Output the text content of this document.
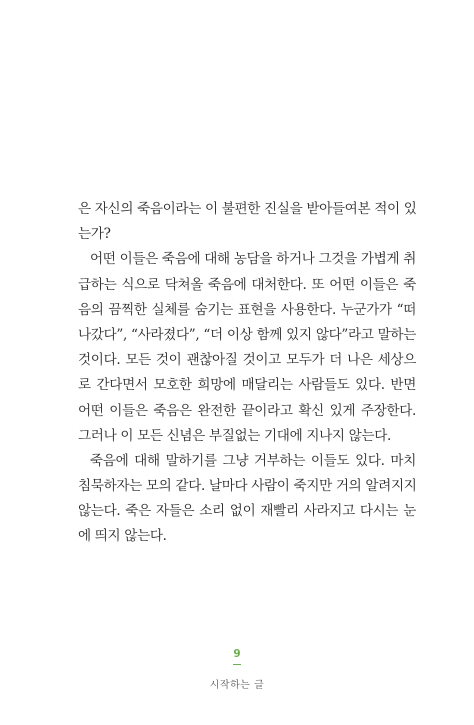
은 자신의 죽음이라는 이 불편한 진실을 받아들여본 적이 있
는가?
어떤 이들은 죽음에 대해 농담을 하거나 그것을 가볍게 취
급하는 식으로 닥쳐올 죽음에 대처한다. 또 어떤 이들은 죽
음의 끔찍한 실체를 숨기는 표현을 사용한다. 누군가가 “떠
나갔다”, “사라졌다”, “더 이상 함께 있지 않다”라고 말하는
것이다. 모든 것이 괜찮아질 것이고 모두가 더 나은 세상으
로 간다면서 모호한 희망에 매달리는 사람들도 있다. 반면
어떤 이들은 죽음은 완전한 끝이라고 확신 있게 주장한다.
그러나 이 모든 신념은 부질없는 기대에 지나지 않는다.
죽음에 대해 말하기를 그냥 거부하는 이들도 있다. 마치
침묵하자는 모의 같다. 날마다 사람이 죽지만 거의 알려지지
않는다. 죽은 자들은 소리 없이 재빨리 사라지고 다시는 눈
에 띄지 않는다.
9
시작하는 글
